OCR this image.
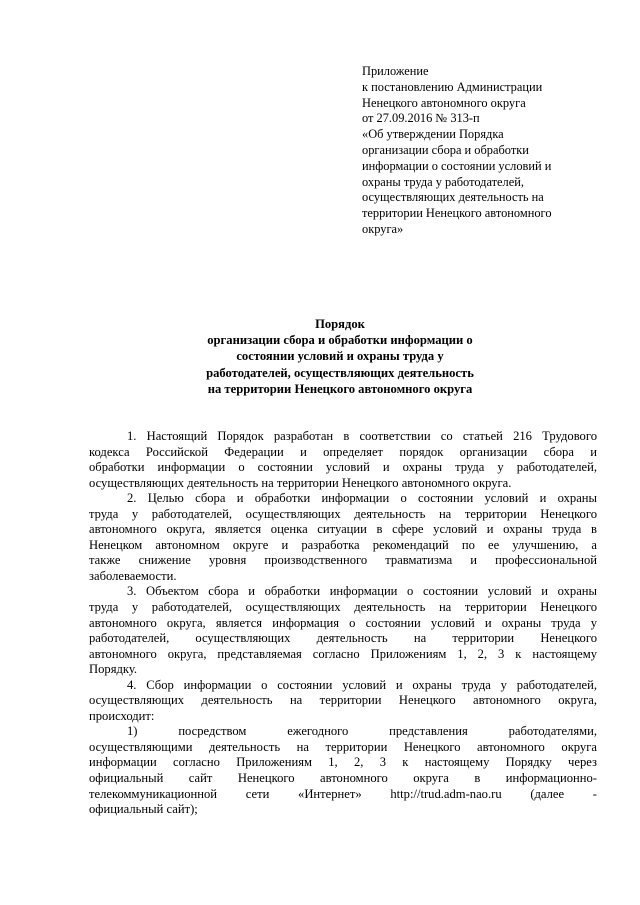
Приложение
к постановлению Администрации
Ненецкого автономного округа
от 27.09.2016 № 313-п
«Об утверждении Порядка
организации сбора и обработки
информации о состоянии условий и
охраны труда у работодателей,
осуществляющих деятельность на
территории Ненецкого автономного
округа»
Порядок
организации сбора и обработки информации о
состоянии условий и охраны труда у
работодателей, осуществляющих деятельность
на территории Ненецкого автономного округа
1. Настоящий Порядок разработан в соответствии со статьей 216 Трудового
кодекса Российской Федерации и определяет порядок организации сбора и
обработки информации о состоянии условий и охраны труда у работодателей,
осуществляющих деятельность на территории Ненецкого автономного округа.
2. Целью сбора и обработки информации о состоянии условий и охраны
труда у работодателей, осуществляющих деятельность на территории Ненецкого
автономного округа, является оценка ситуации в сфере условий и охраны труда в
Ненецком автономном округе и разработка рекомендаций по ее улучшению, а
также снижение уровня производственного травматизма и профессиональной
заболеваемости.
3. Объектом сбора и обработки информации о состоянии условий и охраны
труда у работодателей, осуществляющих деятельность на территории Ненецкого
автономного округа, является информация о состоянии условий и охраны труда у
работодателей, осуществляющих деятельность на территории Ненецкого
автономного округа, представляемая согласно Приложениям 1, 2, 3 к настоящему
Порядку.
4. Сбор информации о состоянии условий и охраны труда у работодателей,
осуществляющих деятельность на территории Ненецкого автономного округа,
происходит:
1) посредством ежегодного представления работодателями,
осуществляющими деятельность на территории Ненецкого автономного округа
информации согласно Приложениям 1, 2, 3 к настоящему Порядку через
официальный сайт Ненецкого автономного округа в информационно-
телекоммуникационной сети «Интернет» http://trud.adm-nao.ru (далее -
официальный сайт);
